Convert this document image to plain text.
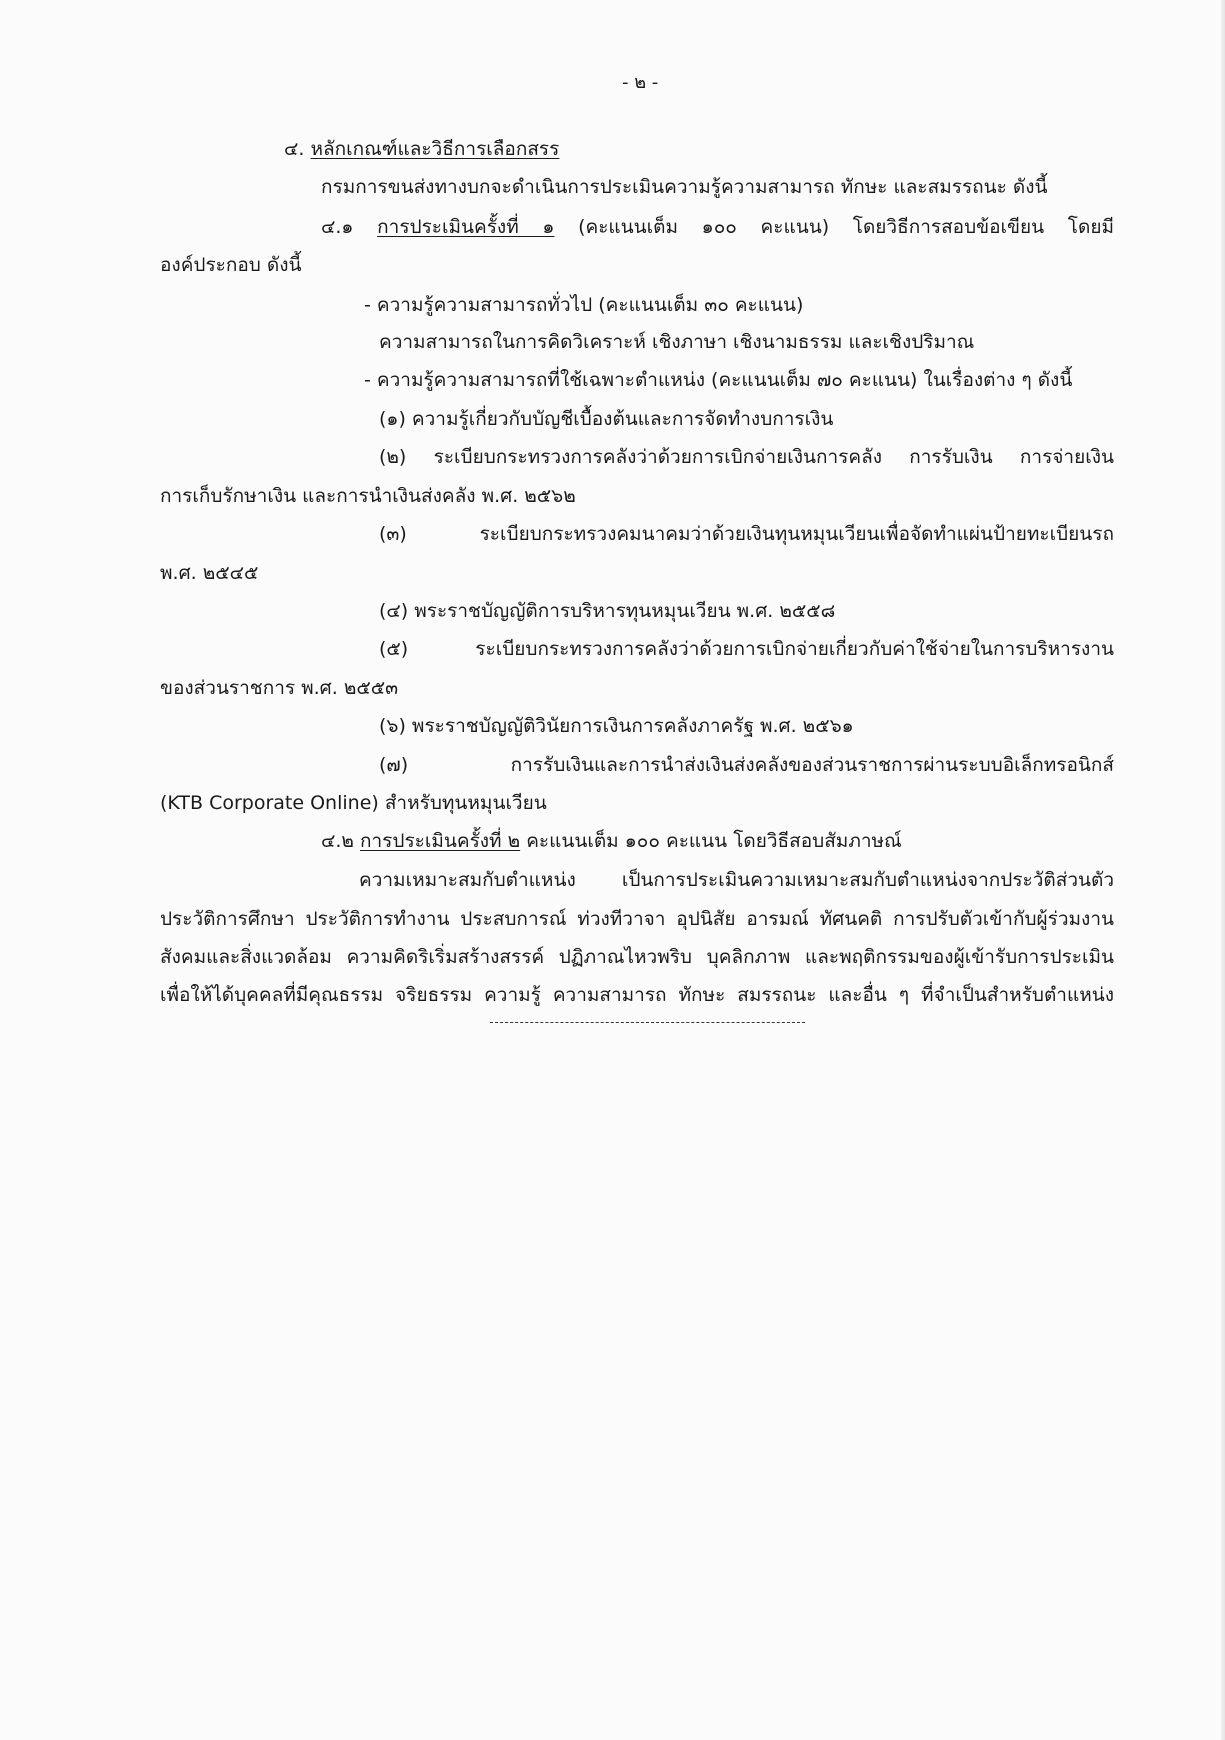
- ๒ -
๔. หลักเกณฑ์และวิธีการเลือกสรร
กรมการขนส่งทางบกจะดำเนินการประเมินความรู้ความสามารถ ทักษะ และสมรรถนะ ดังนี้
๔.๑ การประเมินครั้งที่ ๑ (คะแนนเต็ม ๑๐๐ คะแนน) โดยวิธีการสอบข้อเขียน โดยมี
องค์ประกอบ ดังนี้
- ความรู้ความสามารถทั่วไป (คะแนนเต็ม ๓๐ คะแนน)
ความสามารถในการคิดวิเคราะห์ เชิงภาษา เชิงนามธรรม และเชิงปริมาณ
- ความรู้ความสามารถที่ใช้เฉพาะตำแหน่ง (คะแนนเต็ม ๗๐ คะแนน) ในเรื่องต่าง ๆ ดังนี้
(๑) ความรู้เกี่ยวกับบัญชีเบื้องต้นและการจัดทำงบการเงิน
(๒) ระเบียบกระทรวงการคลังว่าด้วยการเบิกจ่ายเงินการคลัง การรับเงิน การจ่ายเงิน
การเก็บรักษาเงิน และการนำเงินส่งคลัง พ.ศ. ๒๕๖๒
(๓) ระเบียบกระทรวงคมนาคมว่าด้วยเงินทุนหมุนเวียนเพื่อจัดทำแผ่นป้ายทะเบียนรถ
พ.ศ. ๒๕๔๕
(๔) พระราชบัญญัติการบริหารทุนหมุนเวียน พ.ศ. ๒๕๕๘
(๕) ระเบียบกระทรวงการคลังว่าด้วยการเบิกจ่ายเกี่ยวกับค่าใช้จ่ายในการบริหารงาน
ของส่วนราชการ พ.ศ. ๒๕๕๓
(๖) พระราชบัญญัติวินัยการเงินการคลังภาครัฐ พ.ศ. ๒๕๖๑
(๗) การรับเงินและการนำส่งเงินส่งคลังของส่วนราชการผ่านระบบอิเล็กทรอนิกส์
(KTB Corporate Online) สำหรับทุนหมุนเวียน
๔.๒ การประเมินครั้งที่ ๒ คะแนนเต็ม ๑๐๐ คะแนน โดยวิธีสอบสัมภาษณ์
ความเหมาะสมกับตำแหน่ง เป็นการประเมินความเหมาะสมกับตำแหน่งจากประวัติส่วนตัว
ประวัติการศึกษา ประวัติการทำงาน ประสบการณ์ ท่วงทีวาจา อุปนิสัย อารมณ์ ทัศนคติ การปรับตัวเข้ากับผู้ร่วมงาน
สังคมและสิ่งแวดล้อม ความคิดริเริ่มสร้างสรรค์ ปฏิภาณไหวพริบ บุคลิกภาพ และพฤติกรรมของผู้เข้ารับการประเมิน
เพื่อให้ได้บุคคลที่มีคุณธรรม จริยธรรม ความรู้ ความสามารถ ทักษะ สมรรถนะ และอื่น ๆ ที่จำเป็นสำหรับตำแหน่ง
